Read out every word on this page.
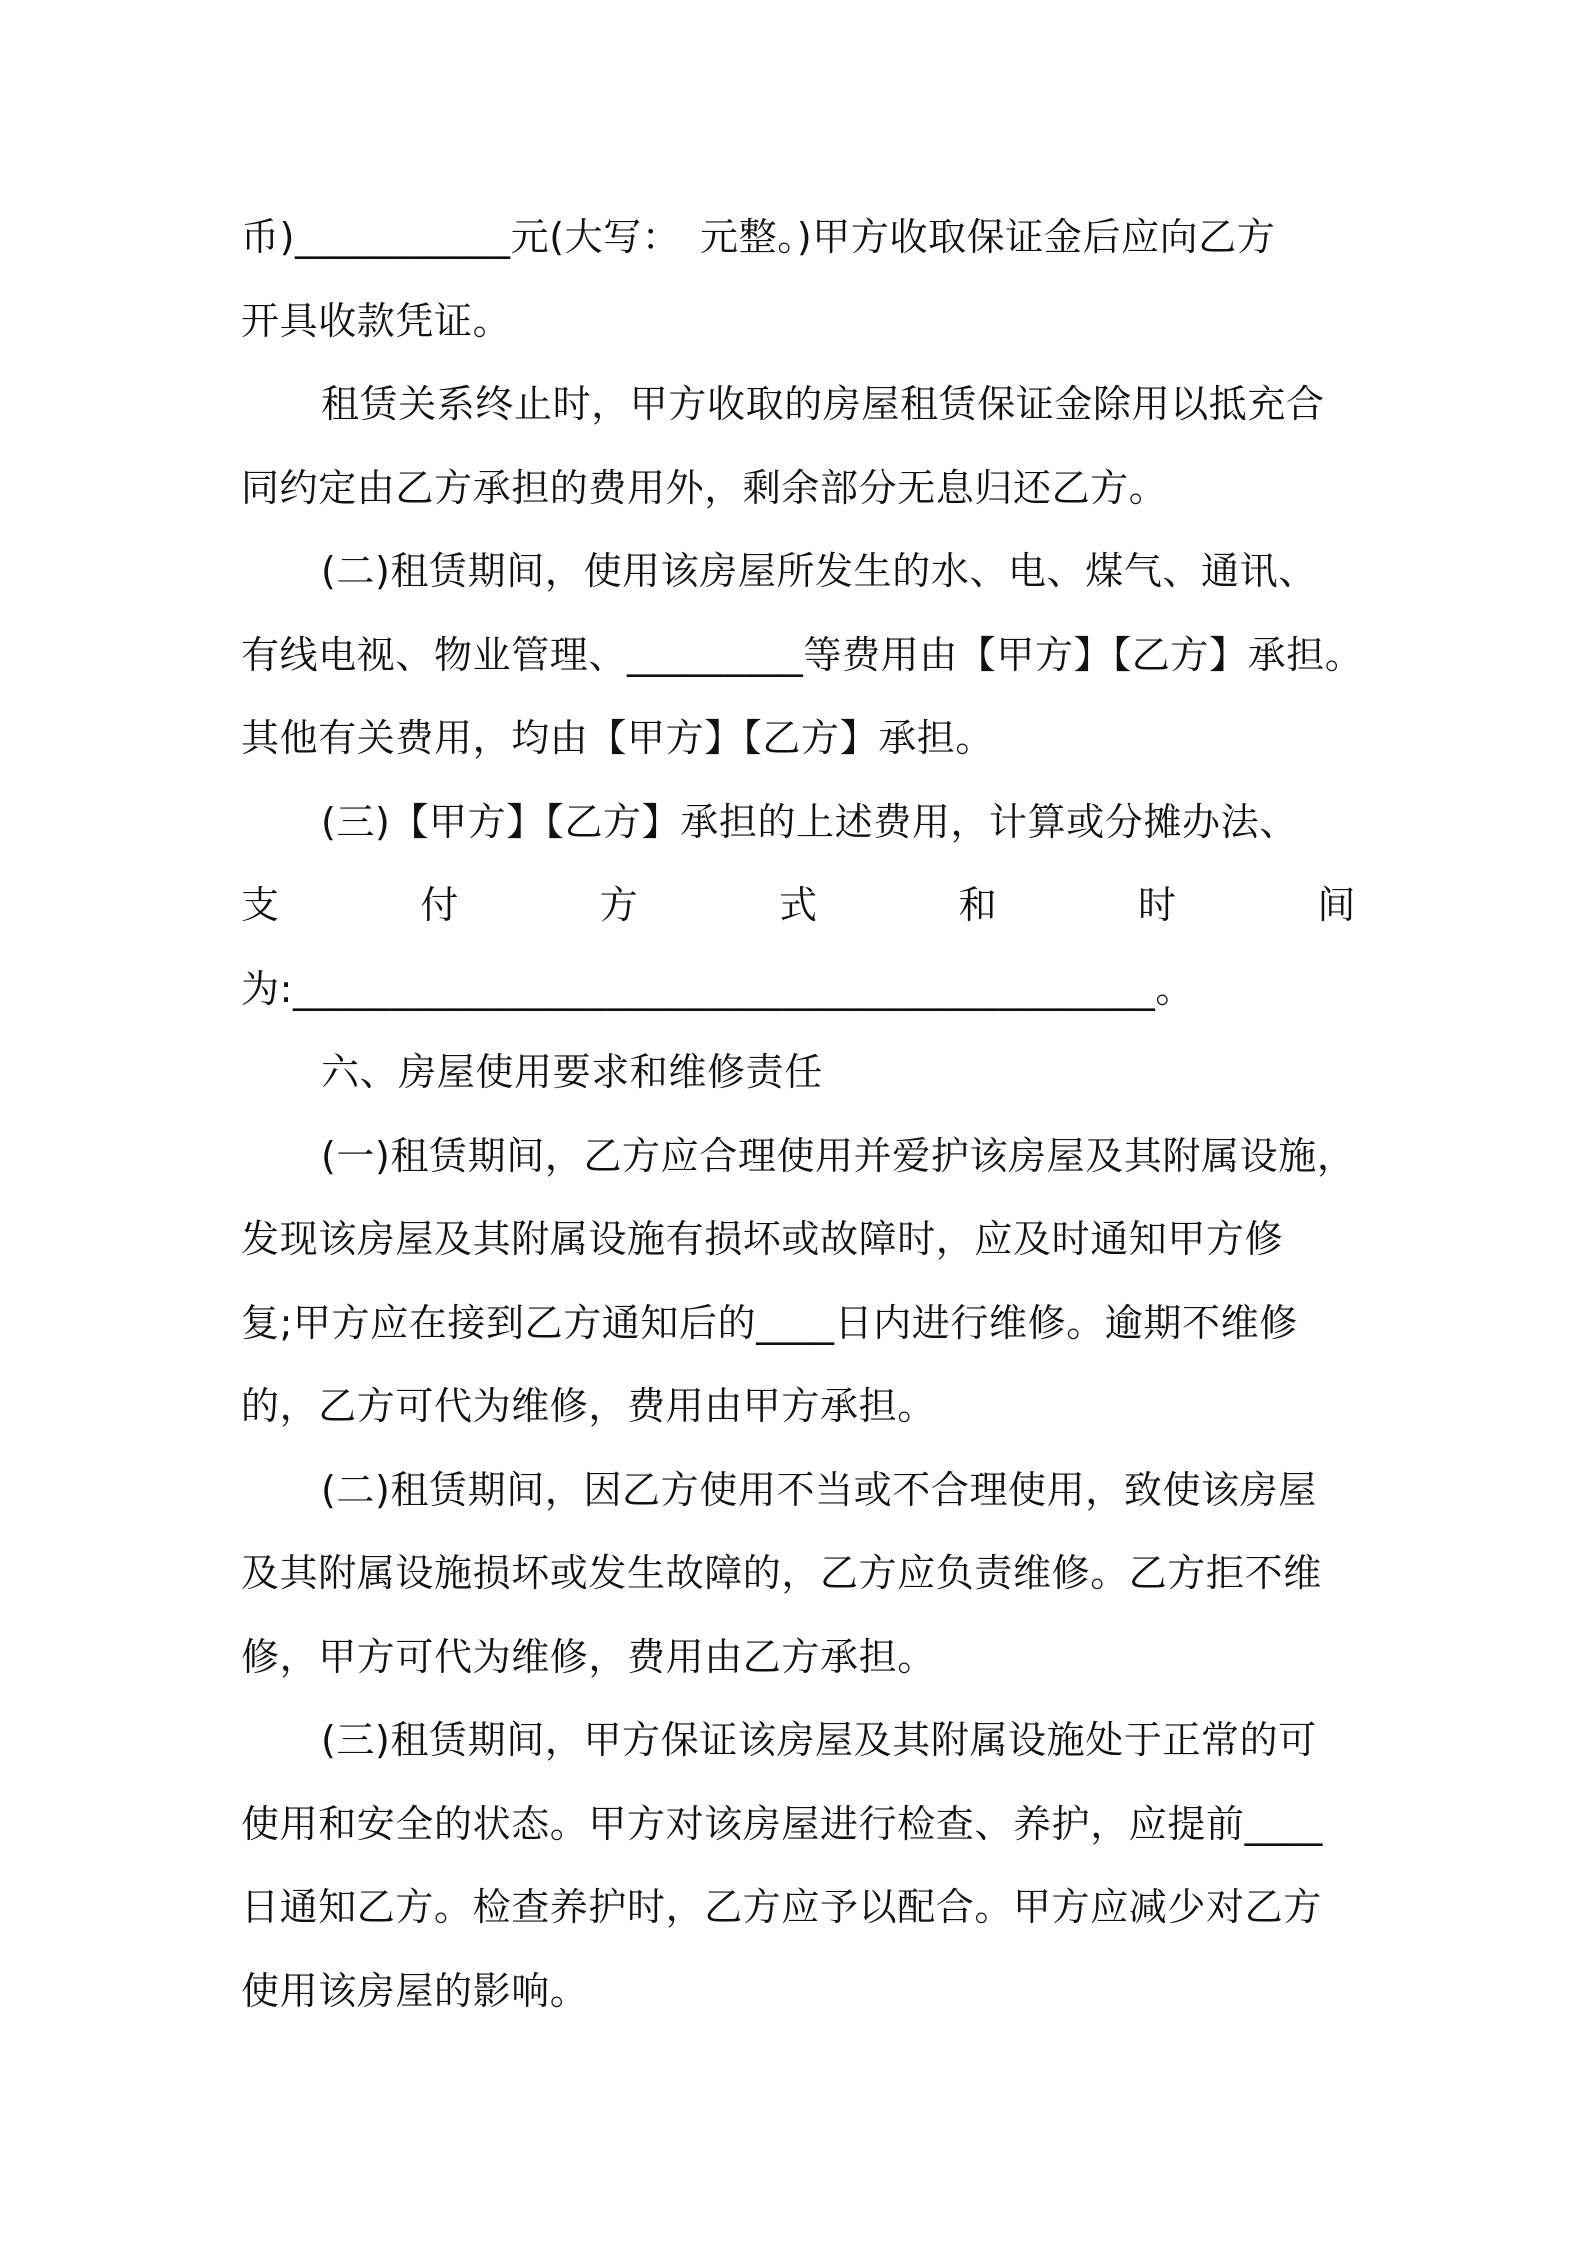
币)___________元(大写：　元整。)甲方收取保证金后应向乙方
开具收款凭证。
租赁关系终止时，甲方收取的房屋租赁保证金除用以抵充合
同约定由乙方承担的费用外，剩余部分无息归还乙方。
(二)租赁期间，使用该房屋所发生的水、电、煤气、通讯、
有线电视、物业管理、_________等费用由【甲方】【乙方】承担。
其他有关费用，均由【甲方】【乙方】承担。
(三)【甲方】【乙方】承担的上述费用，计算或分摊办法、
支	付	方	式	和	时	间
为:____________________________________________。
六、房屋使用要求和维修责任
(一)租赁期间，乙方应合理使用并爱护该房屋及其附属设施，
发现该房屋及其附属设施有损坏或故障时，应及时通知甲方修
复;甲方应在接到乙方通知后的____日内进行维修。逾期不维修
的，乙方可代为维修，费用由甲方承担。
(二)租赁期间，因乙方使用不当或不合理使用，致使该房屋
及其附属设施损坏或发生故障的，乙方应负责维修。乙方拒不维
修，甲方可代为维修，费用由乙方承担。
(三)租赁期间，甲方保证该房屋及其附属设施处于正常的可
使用和安全的状态。甲方对该房屋进行检查、养护，应提前____
日通知乙方。检查养护时，乙方应予以配合。甲方应减少对乙方
使用该房屋的影响。
